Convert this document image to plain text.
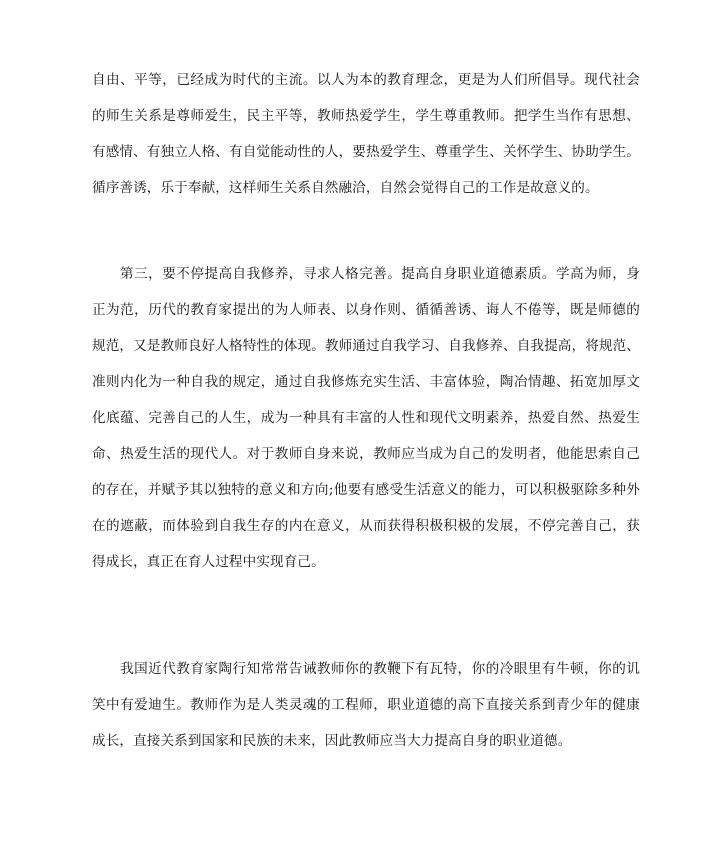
自由、平等，已经成为时代的主流。以人为本的教育理念，更是为人们所倡导。现代社会
的师生关系是尊师爱生，民主平等，教师热爱学生，学生尊重教师。把学生当作有思想、
有感情、有独立人格、有自觉能动性的人，要热爱学生、尊重学生、关怀学生、协助学生。
循序善诱，乐于奉献，这样师生关系自然融洽，自然会觉得自己的工作是故意义的。

第三，要不停提高自我修养，寻求人格完善。提高自身职业道德素质。学高为师，身
正为范，历代的教育家提出的为人师表、以身作则、循循善诱、诲人不倦等，既是师德的
规范，又是教师良好人格特性的体现。教师通过自我学习、自我修养、自我提高，将规范、
准则内化为一种自我的规定，通过自我修炼充实生活、丰富体验，陶冶情趣、拓宽加厚文
化底蕴、完善自己的人生，成为一种具有丰富的人性和现代文明素养，热爱自然、热爱生
命、热爱生活的现代人。对于教师自身来说，教师应当成为自己的发明者，他能思索自己
的存在，并赋予其以独特的意义和方向;他要有感受生活意义的能力，可以积极驱除多种外
在的遮蔽，而体验到自我生存的内在意义，从而获得积极积极的发展，不停完善自己，获
得成长，真正在育人过程中实现育己。

我国近代教育家陶行知常常告诫教师你的教鞭下有瓦特，你的冷眼里有牛顿，你的讥
笑中有爱迪生。教师作为是人类灵魂的工程师，职业道德的高下直接关系到青少年的健康
成长，直接关系到国家和民族的未来，因此教师应当大力提高自身的职业道德。
